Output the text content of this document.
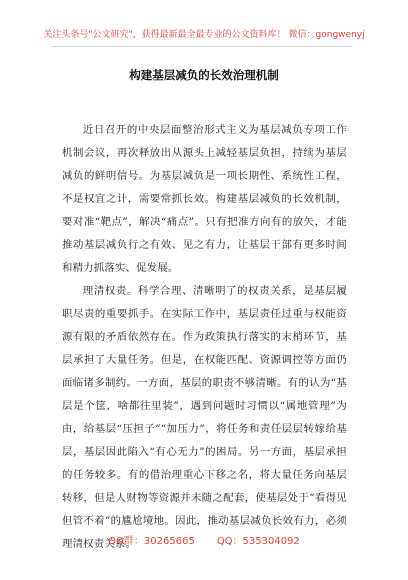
关注头条号"公文研究"，获得最新最全最专业的公文资料库！ 微信：gongwenyj
构建基层减负的长效治理机制

近日召开的中央层面整治形式主义为基层减负专项工作机制会议，再次释放出从源头上减轻基层负担，持续为基层减负的鲜明信号。为基层减负是一项长期性、系统性工程，不是权宜之计，需要常抓长效。构建基层减负的长效机制，要对准“靶点”，解决“痛点”。只有把准方向有的放矢，才能推动基层减负行之有效、见之有力，让基层干部有更多时间和精力抓落实、促发展。

理清权责。科学合理、清晰明了的权责关系，是基层履职尽责的重要抓手。在实际工作中，基层责任过重与权能资源有限的矛盾依然存在。作为政策执行落实的末梢环节，基层承担了大量任务。但是，在权能匹配、资源调控等方面仍面临诸多制约。一方面，基层的职责不够清晰。有的认为“基层是个筐，啥都往里装”，遇到问题时习惯以“属地管理”为由，给基层“压担子”“加压力”，将任务和责任层层转嫁给基层，基层因此陷入“有心无力”的困局。另一方面，基层承担的任务较多。有的借治理重心下移之名，将大量任务向基层转移，但是人财物等资源并未随之配套，使基层处于“看得见但管不着”的尴尬境地。因此，推动基层减负长效有力，必须理清权责关系。

QQ群：30265665 QQ：535304092
